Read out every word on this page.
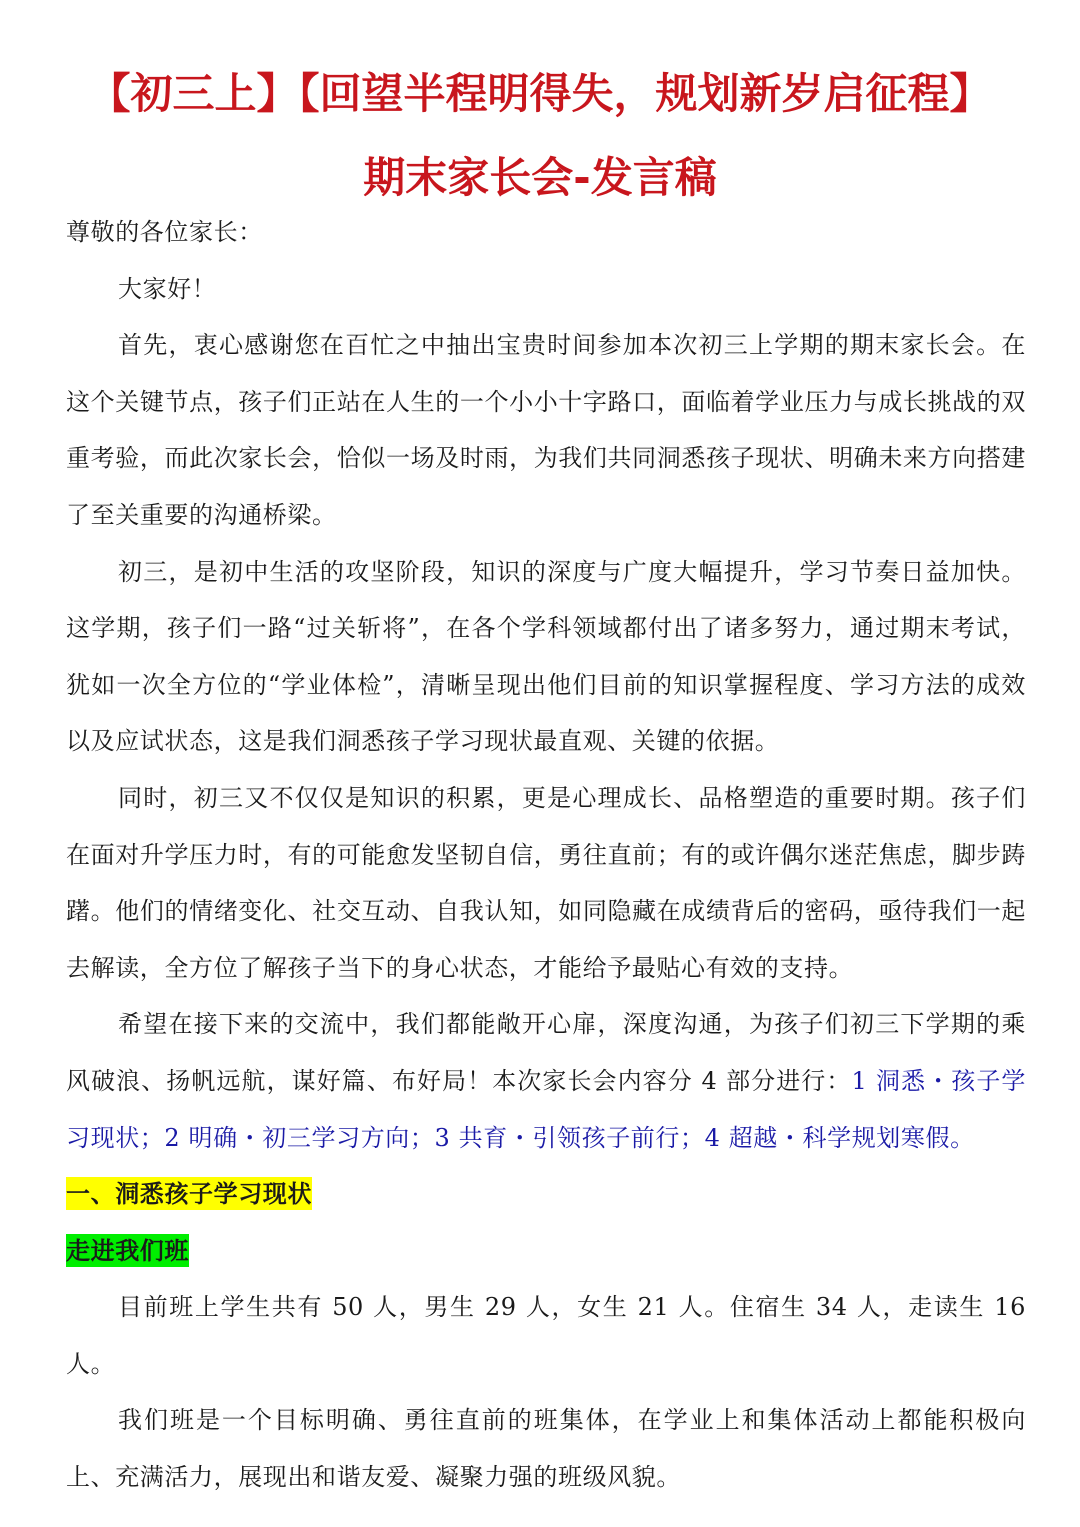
【初三上】【回望半程明得失，规划新岁启征程】
期末家长会-发言稿

尊敬的各位家长：

大家好！

首先，衷心感谢您在百忙之中抽出宝贵时间参加本次初三上学期的期末家长会。在这个关键节点，孩子们正站在人生的一个小小十字路口，面临着学业压力与成长挑战的双重考验，而此次家长会，恰似一场及时雨，为我们共同洞悉孩子现状、明确未来方向搭建了至关重要的沟通桥梁。

初三，是初中生活的攻坚阶段，知识的深度与广度大幅提升，学习节奏日益加快。这学期，孩子们一路“过关斩将”，在各个学科领域都付出了诸多努力，通过期末考试，犹如一次全方位的“学业体检”，清晰呈现出他们目前的知识掌握程度、学习方法的成效以及应试状态，这是我们洞悉孩子学习现状最直观、关键的依据。

同时，初三又不仅仅是知识的积累，更是心理成长、品格塑造的重要时期。孩子们在面对升学压力时，有的可能愈发坚韧自信，勇往直前；有的或许偶尔迷茫焦虑，脚步踌躇。他们的情绪变化、社交互动、自我认知，如同隐藏在成绩背后的密码，亟待我们一起去解读，全方位了解孩子当下的身心状态，才能给予最贴心有效的支持。

希望在接下来的交流中，我们都能敞开心扉，深度沟通，为孩子们初三下学期的乘风破浪、扬帆远航，谋好篇、布好局！本次家长会内容分 4 部分进行：1 洞悉・孩子学习现状；2 明确・初三学习方向；3 共育・引领孩子前行；4 超越・科学规划寒假。

一、洞悉孩子学习现状

走进我们班

目前班上学生共有 50 人，男生 29 人，女生 21 人。住宿生 34 人，走读生 16 人。

我们班是一个目标明确、勇往直前的班集体，在学业上和集体活动上都能积极向上、充满活力，展现出和谐友爱、凝聚力强的班级风貌。
